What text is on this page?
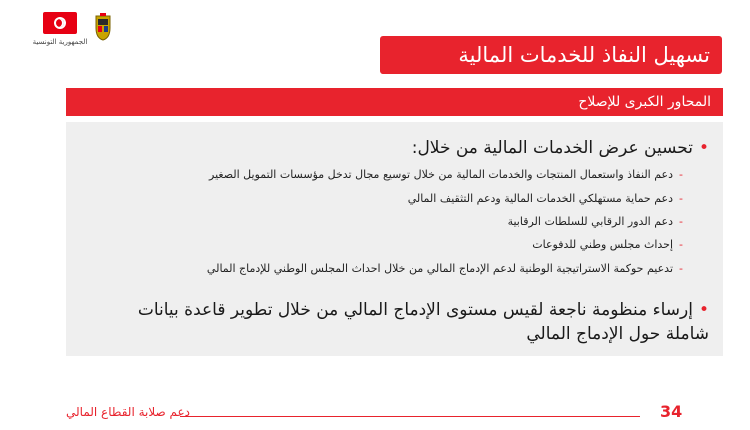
الجمهورية التونسية
تسهيل النفاذ للخدمات المالية
المحاور الكبرى للإصلاح
•تحسين عرض الخدمات المالية من خلال:
-دعم النفاذ واستعمال المنتجات والخدمات المالية من خلال توسيع مجال تدخل مؤسسات التمويل الصغير
-دعم حماية مستهلكي الخدمات المالية ودعم التثقيف المالي
-دعم الدور الرقابي للسلطات الرقابية
-إحداث مجلس وطني للدفوعات
-تدعيم حوكمة الاستراتيجية الوطنية لدعم الإدماج المالي من خلال احداث المجلس الوطني للإدماج المالي
•إرساء منظومة ناجعة لقيس مستوى الإدماج المالي من خلال تطوير قاعدة بيانات شاملة حول الإدماج المالي
دعم صلابة القطاع المالي	34
